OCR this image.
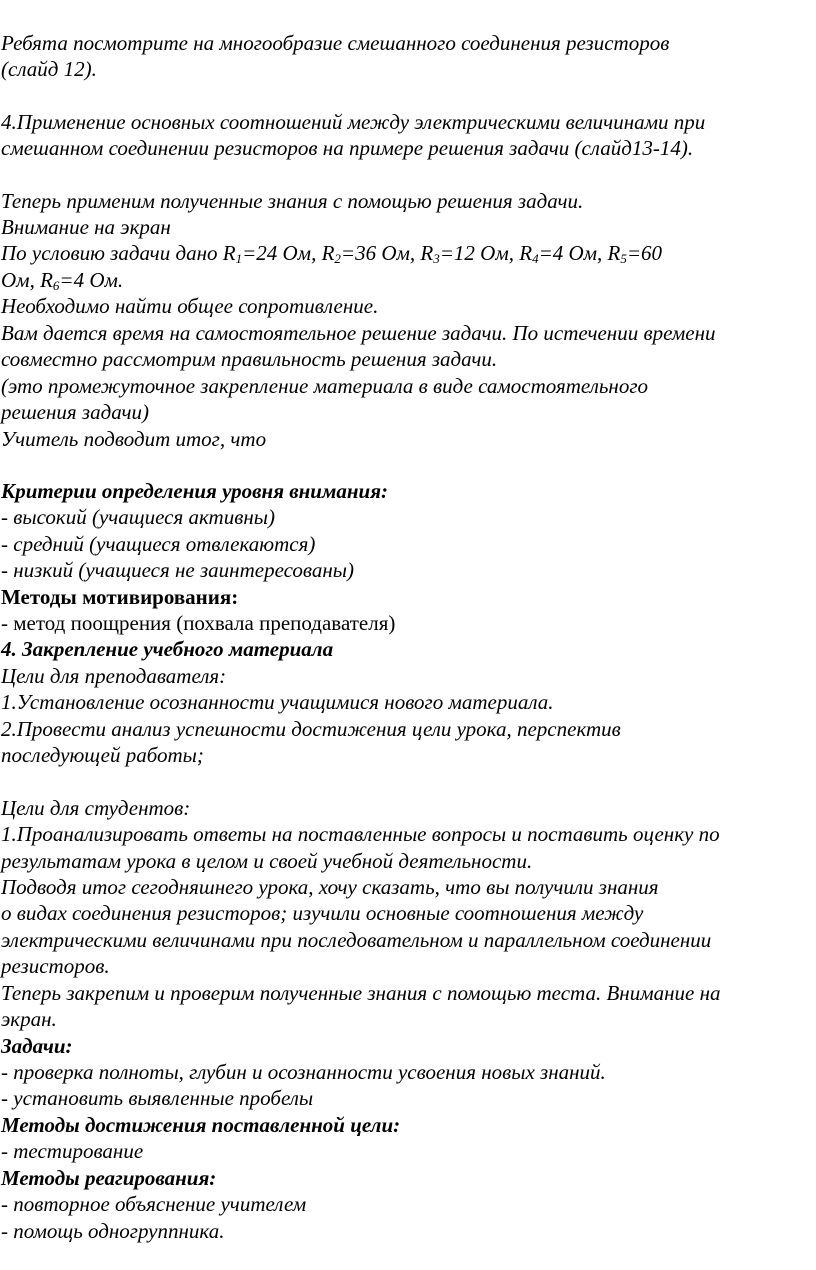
Ребята посмотрите на многообразие смешанного соединения резисторов

(слайд 12).

4.Применение основных соотношений между электрическими величинами при

смешанном соединении резисторов на примере решения задачи (слайд13-14).

Теперь применим полученные знания с помощью решения задачи.

Внимание на экран

По условию задачи дано $R_1=24$ Ом, $R_2=36$ Ом, $R_3=12$ Ом, $R_4=4$ Ом, $R_5=60$

Ом, $R_6=4$ Ом.

Необходимо найти общее сопротивление.

Вам дается время на самостоятельное решение задачи. По истечении времени

совместно рассмотрим правильность решения задачи.

(это промежуточное закрепление материала в виде самостоятельного

решения задачи)

Учитель подводит итог, что

Критерии определения уровня внимания:

- высокий (учащиеся активны)

- средний (учащиеся отвлекаются)

- низкий (учащиеся не заинтересованы)

Методы мотивирования:

- метод поощрения (похвала преподавателя)

4. Закрепление учебного материала

Цели для преподавателя:

1.Установление осознанности учащимися нового материала.

2.Провести анализ успешности достижения цели урока, перспектив

последующей работы;

Цели для студентов:

1.Проанализировать ответы на поставленные вопросы и поставить оценку по

результатам урока в целом и своей учебной деятельности.

Подводя итог сегодняшнего урока, хочу сказать, что вы получили знания

о видах соединения резисторов; изучили основные соотношения между

электрическими величинами при последовательном и параллельном соединении

резисторов.

Теперь закрепим и проверим полученные знания с помощью теста. Внимание на

экран.

Задачи:

- проверка полноты, глубин и осознанности усвоения новых знаний.

- установить выявленные пробелы

Методы достижения поставленной цели:

- тестирование

Методы реагирования:

- повторное объяснение учителем

- помощь одногруппника.
